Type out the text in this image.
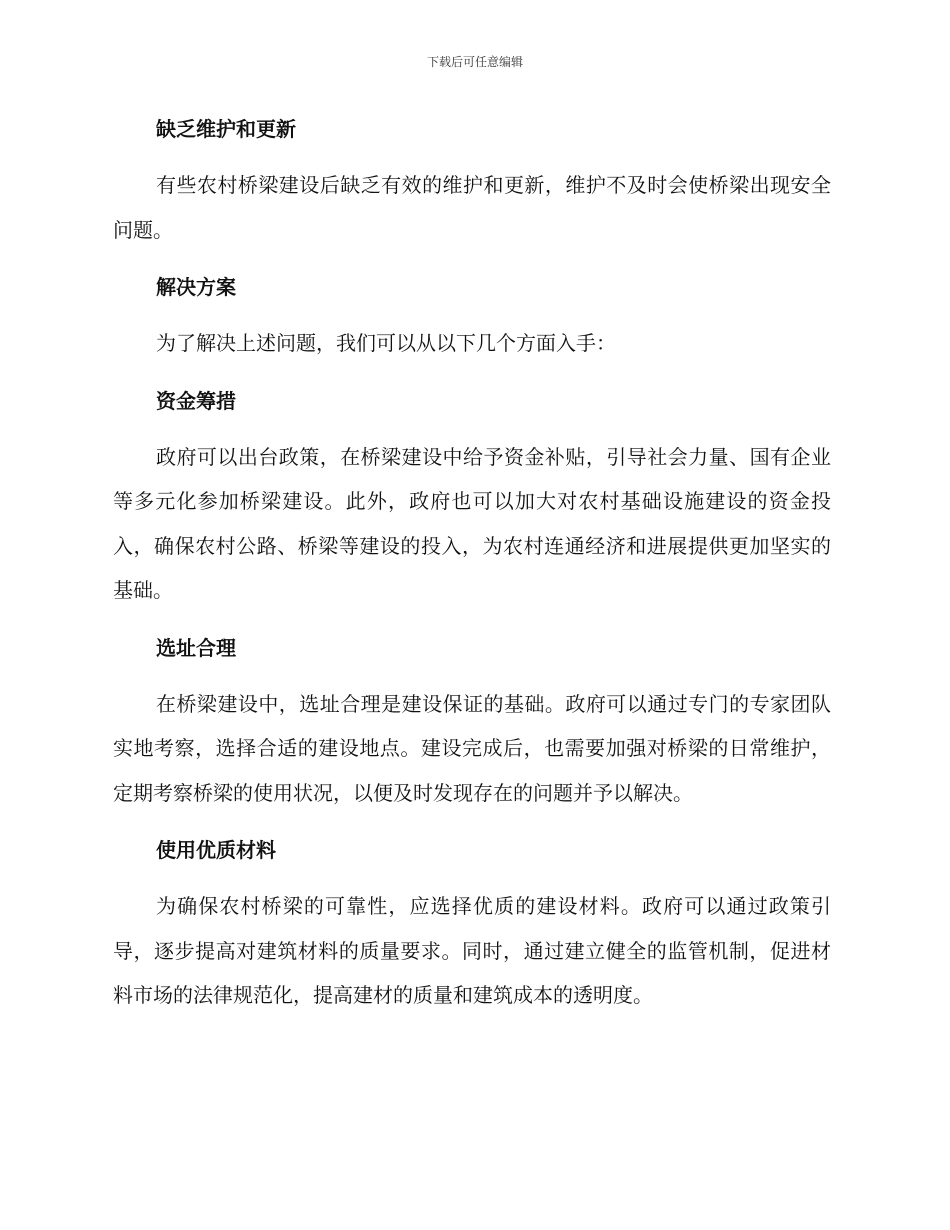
下载后可任意编辑
缺乏维护和更新

有些农村桥梁建设后缺乏有效的维护和更新，维护不及时会使桥梁出现安全问题。

解决方案

为了解决上述问题，我们可以从以下几个方面入手：

资金筹措

政府可以出台政策，在桥梁建设中给予资金补贴，引导社会力量、国有企业等多元化参加桥梁建设。此外，政府也可以加大对农村基础设施建设的资金投入，确保农村公路、桥梁等建设的投入，为农村连通经济和进展提供更加坚实的基础。

选址合理

在桥梁建设中，选址合理是建设保证的基础。政府可以通过专门的专家团队实地考察，选择合适的建设地点。建设完成后，也需要加强对桥梁的日常维护，定期考察桥梁的使用状况，以便及时发现存在的问题并予以解决。

使用优质材料

为确保农村桥梁的可靠性，应选择优质的建设材料。政府可以通过政策引导，逐步提高对建筑材料的质量要求。同时，通过建立健全的监管机制，促进材料市场的法律规范化，提高建材的质量和建筑成本的透明度。
